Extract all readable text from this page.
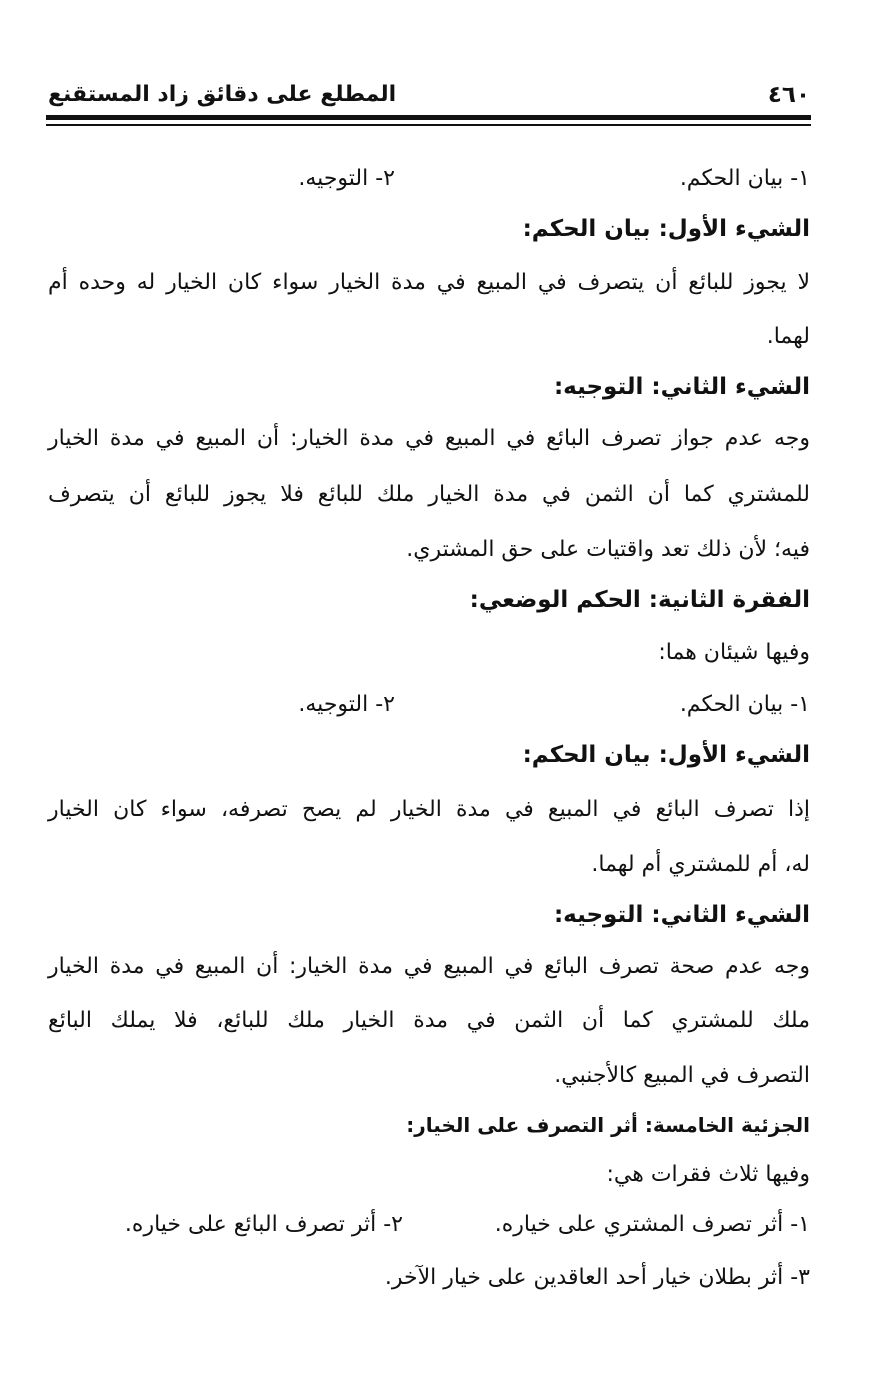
٤٦٠
المطلع على دقائق زاد المستقنع
١- بيان الحكم.
٢- التوجيه.
الشيء الأول: بيان الحكم:
لا يجوز للبائع أن يتصرف في المبيع في مدة الخيار سواء كان الخيار له وحده أم
لهما.
الشيء الثاني: التوجيه:
وجه عدم جواز تصرف البائع في المبيع في مدة الخيار: أن المبيع في مدة الخيار
للمشتري كما أن الثمن في مدة الخيار ملك للبائع فلا يجوز للبائع أن يتصرف
فيه؛ لأن ذلك تعد واقتيات على حق المشتري.
الفقرة الثانية: الحكم الوضعي:
وفيها شيئان هما:
١- بيان الحكم.
٢- التوجيه.
الشيء الأول: بيان الحكم:
إذا تصرف البائع في المبيع في مدة الخيار لم يصح تصرفه، سواء كان الخيار
له، أم للمشتري أم لهما.
الشيء الثاني: التوجيه:
وجه عدم صحة تصرف البائع في المبيع في مدة الخيار: أن المبيع في مدة الخيار
ملك للمشتري كما أن الثمن في مدة الخيار ملك للبائع، فلا يملك البائع
التصرف في المبيع كالأجنبي.
الجزئية الخامسة: أثر التصرف على الخيار:
وفيها ثلاث فقرات هي:
١- أثر تصرف المشتري على خياره.
٢- أثر تصرف البائع على خياره.
٣- أثر بطلان خيار أحد العاقدين على خيار الآخر.
